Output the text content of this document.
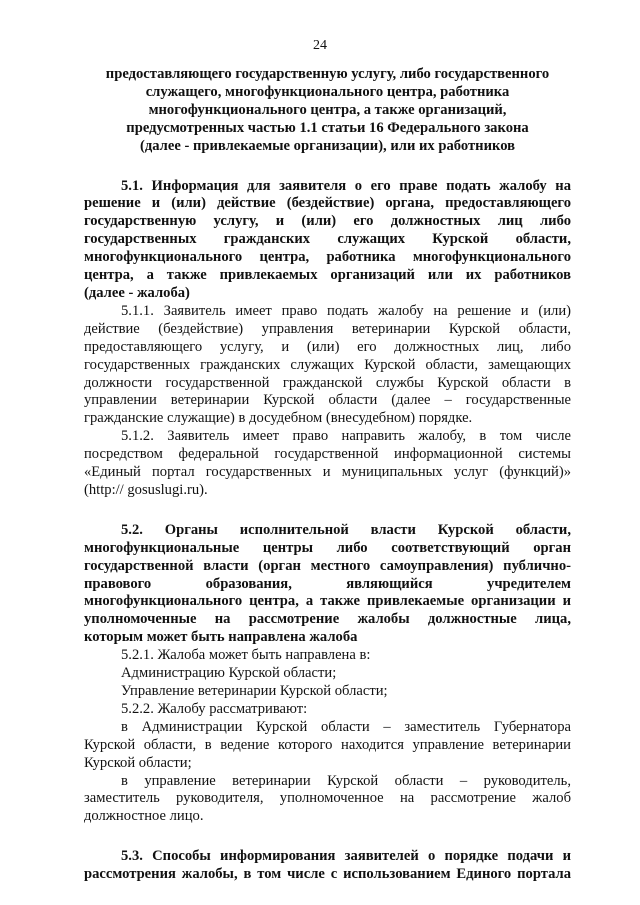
24
предоставляющего государственную услугу, либо государственного
служащего, многофункционального центра, работника
многофункционального центра, а также организаций,
предусмотренных частью 1.1 статьи 16 Федерального закона
(далее - привлекаемые организации), или их работников
5.1. Информация для заявителя о его праве подать жалобу на
решение и (или) действие (бездействие) органа, предоставляющего
государственную услугу, и (или) его должностных лиц либо
государственных гражданских служащих Курской области,
многофункционального центра, работника многофункционального
центра, а также привлекаемых организаций или их работников
(далее - жалоба)
5.1.1. Заявитель имеет право подать жалобу на решение и (или)
действие (бездействие) управления ветеринарии Курской области,
предоставляющего услугу, и (или) его должностных лиц, либо
государственных гражданских служащих Курской области, замещающих
должности государственной гражданской службы Курской области в
управлении ветеринарии Курской области (далее – государственные
гражданские служащие) в досудебном (внесудебном) порядке.
5.1.2. Заявитель имеет право направить жалобу, в том числе
посредством федеральной государственной информационной системы
«Единый портал государственных и муниципальных услуг (функций)»
(http:// gosuslugi.ru).
5.2. Органы исполнительной власти Курской области,
многофункциональные центры либо соответствующий орган
государственной власти (орган местного самоуправления) публично-
правового образования, являющийся учредителем
многофункционального центра, а также привлекаемые организации и
уполномоченные на рассмотрение жалобы должностные лица,
которым может быть направлена жалоба
5.2.1. Жалоба может быть направлена в:
Администрацию Курской области;
Управление ветеринарии Курской области;
5.2.2. Жалобу рассматривают:
в Администрации Курской области – заместитель Губернатора
Курской области, в ведение которого находится управление ветеринарии
Курской области;
в управление ветеринарии Курской области – руководитель,
заместитель руководителя, уполномоченное на рассмотрение жалоб
должностное лицо.
5.3. Способы информирования заявителей о порядке подачи и
рассмотрения жалобы, в том числе с использованием Единого портала
